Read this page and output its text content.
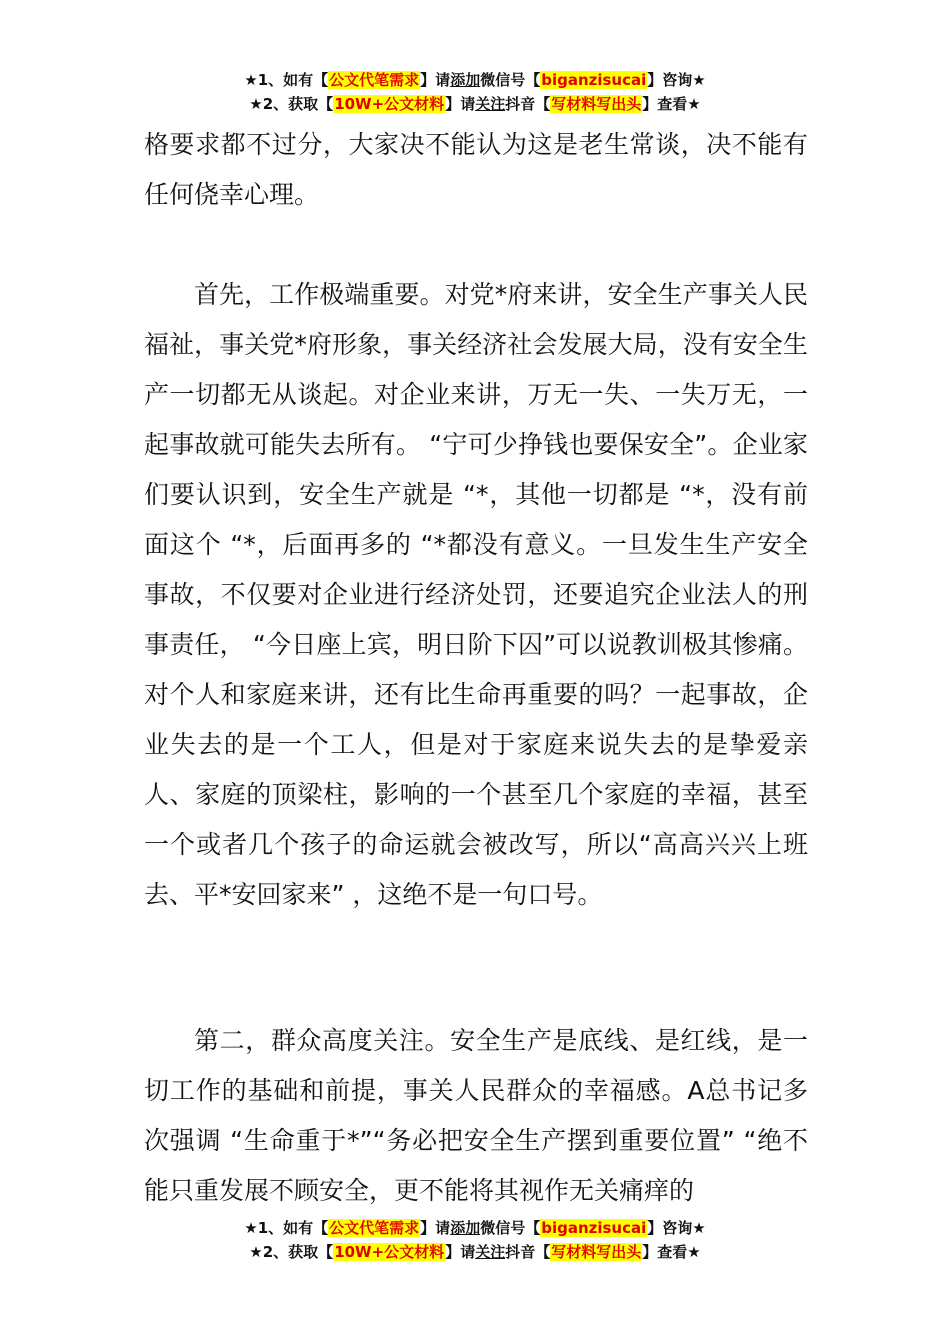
★1、如有【公文代笔需求】请添加微信号【biganzisucai】咨询★
★2、获取【10W+公文材料】请关注抖音【写材料写出头】查看★

格要求都不过分，大家决不能认为这是老生常谈，决不能有任何侥幸心理。

首先，工作极端重要。对党*府来讲，安全生产事关人民福祉，事关党*府形象，事关经济社会发展大局，没有安全生产一切都无从谈起。对企业来讲，万无一失、一失万无，一起事故就可能失去所有。 “宁可少挣钱也要保安全”。企业家们要认识到，安全生产就是 “*，其他一切都是 “*，没有前面这个 “*，后面再多的 “*都没有意义。一旦发生生产安全事故，不仅要对企业进行经济处罚，还要追究企业法人的刑事责任， “今日座上宾，明日阶下囚”可以说教训极其惨痛。对个人和家庭来讲，还有比生命再重要的吗？一起事故，企业失去的是一个工人，但是对于家庭来说失去的是挚爱亲人、家庭的顶梁柱，影响的一个甚至几个家庭的幸福，甚至一个或者几个孩子的命运就会被改写，所以“高高兴兴上班去、平*安回家来” ，这绝不是一句口号。

第二，群众高度关注。安全生产是底线、是红线，是一切工作的基础和前提，事关人民群众的幸福感。A总书记多次强调 “生命重于*”“务必把安全生产摆到重要位置” “绝不能只重发展不顾安全，更不能将其视作无关痛痒的

★1、如有【公文代笔需求】请添加微信号【biganzisucai】咨询★
★2、获取【10W+公文材料】请关注抖音【写材料写出头】查看★
